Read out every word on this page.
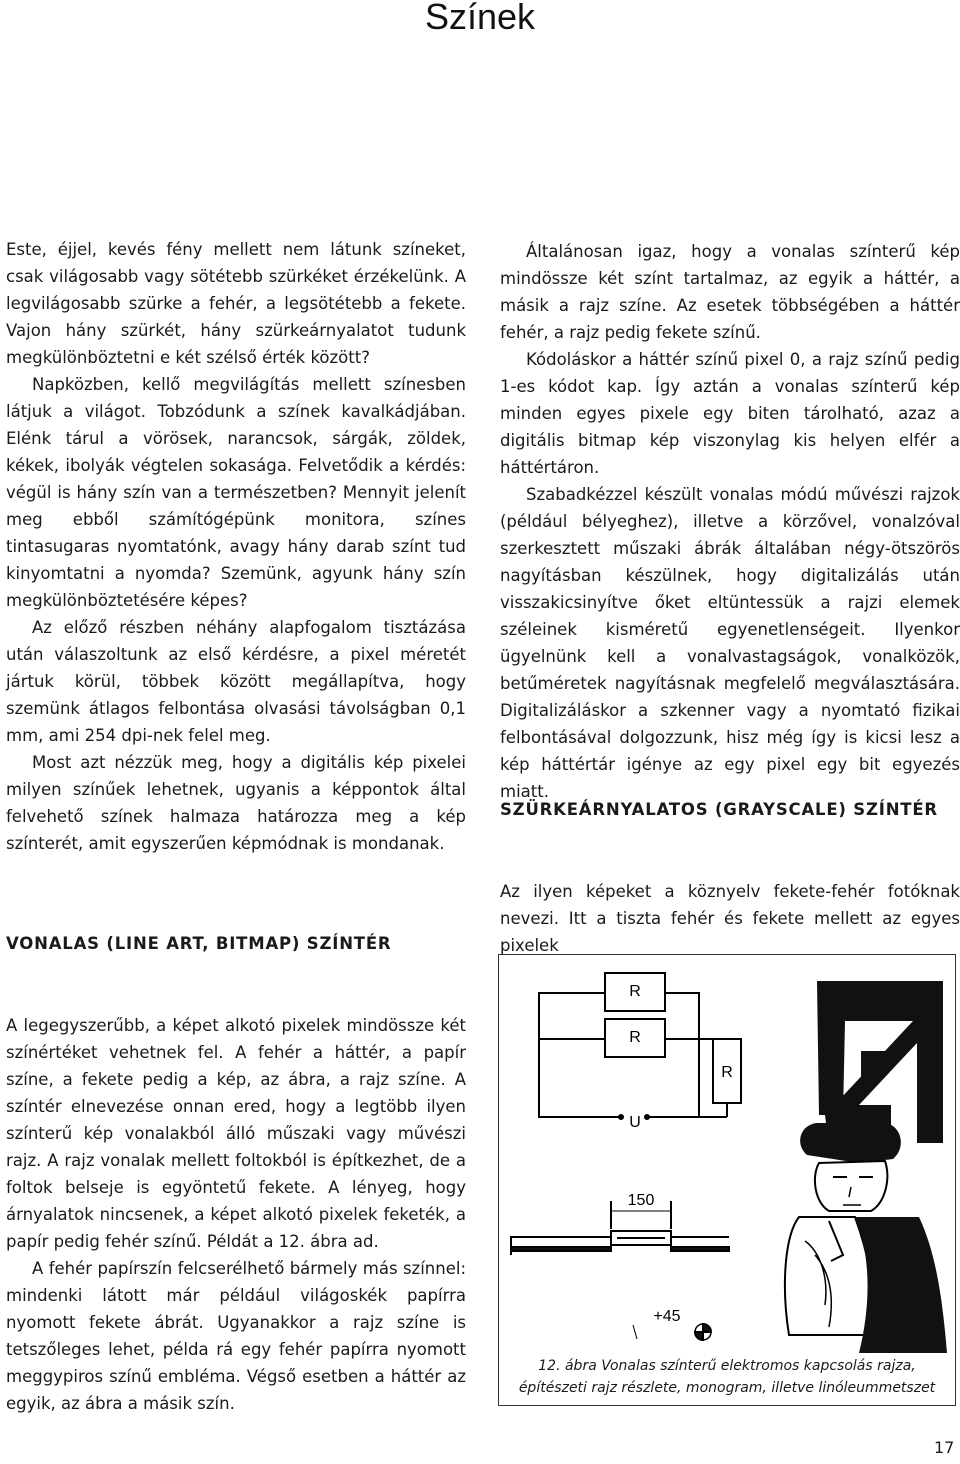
Színek

Este, éjjel, kevés fény mellett nem látunk színeket, csak világosabb vagy sötétebb szürkéket érzékelünk. A legvilágosabb szürke a fehér, a legsötétebb a fekete. Vajon hány szürkét, hány szürkeárnyalatot tudunk megkülönböztetni e két szélső érték között?

Napközben, kellő megvilágítás mellett színesben látjuk a világot. Tobzódunk a színek kavalkádjában. Elénk tárul a vörösek, narancsok, sárgák, zöldek, kékek, ibolyák végtelen sokasága. Felvetődik a kérdés: végül is hány szín van a természetben? Mennyit jelenít meg ebből számítógépünk monitora, színes tintasugaras nyomtatónk, avagy hány darab színt tud kinyomtatni a nyomda? Szemünk, agyunk hány szín megkülönböztetésére képes?

Az előző részben néhány alapfogalom tisztázása után válaszoltunk az első kérdésre, a pixel méretét jártuk körül, többek között megállapítva, hogy szemünk átlagos felbontása olvasási távolságban 0,1 mm, ami 254 dpi-nek felel meg.

Most azt nézzük meg, hogy a digitális kép pixelei milyen színűek lehetnek, ugyanis a képpontok által felvehető színek halmaza határozza meg a kép színterét, amit egyszerűen képmódnak is mondanak.

VONALAS (LINE ART, BITMAP) SZÍNTÉR

A legegyszerűbb, a képet alkotó pixelek mindössze két színértéket vehetnek fel. A fehér a háttér, a papír színe, a fekete pedig a kép, az ábra, a rajz színe. A színtér elnevezése onnan ered, hogy a legtöbb ilyen színterű kép vonalakból álló műszaki vagy művészi rajz. A rajz vonalak mellett foltokból is építkezhet, de a foltok belseje is egyöntetű fekete. A lényeg, hogy árnyalatok nincsenek, a képet alkotó pixelek feketék, a papír pedig fehér színű. Példát a 12. ábra ad.

A fehér papírszín felcserélhető bármely más színnel: mindenki látott már például világoskék papírra nyomott fekete ábrát. Ugyanakkor a rajz színe is tetszőleges lehet, példa rá egy fehér papírra nyomott meggypiros színű embléma. Végső esetben a háttér az egyik, az ábra a másik szín.

Általánosan igaz, hogy a vonalas színterű kép mindössze két színt tartalmaz, az egyik a háttér, a másik a rajz színe. Az esetek többségében a háttér fehér, a rajz pedig fekete színű.

Kódoláskor a háttér színű pixel 0, a rajz színű pedig 1-es kódot kap. Így aztán a vonalas színterű kép minden egyes pixele egy biten tárolható, azaz a digitális bitmap kép viszonylag kis helyen elfér a háttértáron.

Szabadkézzel készült vonalas módú művészi rajzok (például bélyeghez), illetve a körzővel, vonalzóval szerkesztett műszaki ábrák általában négy-ötszörös nagyításban készülnek, hogy digitalizálás után visszakicsinyítve őket eltüntessük a rajzi elemek széleinek kisméretű egyenetlenségeit. Ilyenkor ügyelnünk kell a vonalvastagságok, vonalközök, betűméretek nagyításnak megfelelő megválasztására. Digitalizáláskor a szkenner vagy a nyomtató fizikai felbontásával dolgozzunk, hisz még így is kicsi lesz a kép háttértár igénye az egy pixel egy bit egyezés miatt.

SZÜRKEÁRNYALATOS (GRAYSCALE) SZÍNTÉR

Az ilyen képeket a köznyelv fekete-fehér fotóknak nevezi. Itt a tiszta fehér és fekete mellett az egyes pixelek

R
R
R
U
150
+45
12. ábra Vonalas színterű elektromos kapcsolás rajza,
építészeti rajz részlete, monogram, illetve linóleummetszet
17
